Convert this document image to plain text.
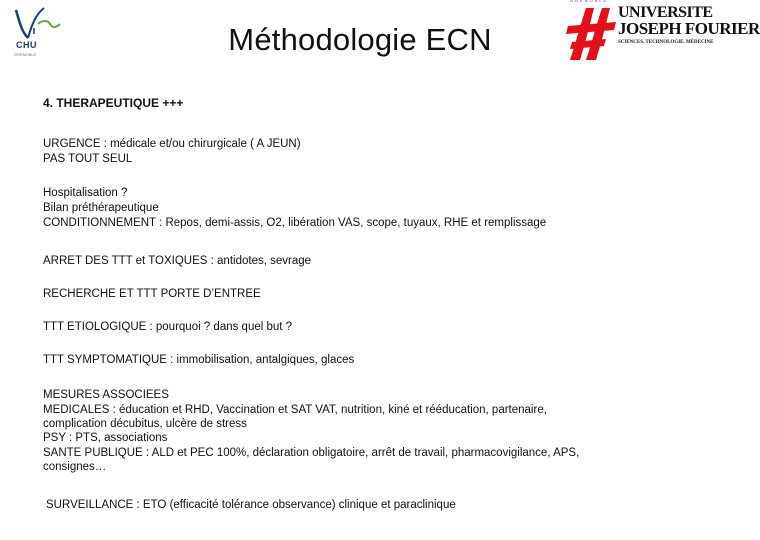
CHU
GRENOBLE	Méthodologie ECN
GRENOBLE
UNIVERSITE
JOSEPH FOURIER
SCIENCES. TECHNOLOGIE. MÉDECINE
4. THERAPEUTIQUE +++

URGENCE : médicale et/ou chirurgicale ( A JEUN)

PAS TOUT SEUL

Hospitalisation ?

Bilan préthérapeutique

CONDITIONNEMENT : Repos, demi-assis, O2, libération VAS, scope, tuyaux, RHE et remplissage

ARRET DES TTT et TOXIQUES : antidotes, sevrage

RECHERCHE ET TTT PORTE D’ENTREE

TTT ETIOLOGIQUE : pourquoi ? dans quel but ?

TTT SYMPTOMATIQUE : immobilisation, antalgiques, glaces

MESURES ASSOCIEES

MEDICALES : éducation et RHD, Vaccination et SAT VAT, nutrition, kiné et rééducation, partenaire,

complication décubitus, ulcère de stress

PSY : PTS, associations

SANTE PUBLIQUE : ALD et PEC 100%, déclaration obligatoire, arrêt de travail, pharmacovigilance, APS,

consignes…

SURVEILLANCE : ETO (efficacité tolérance observance) clinique et paraclinique
